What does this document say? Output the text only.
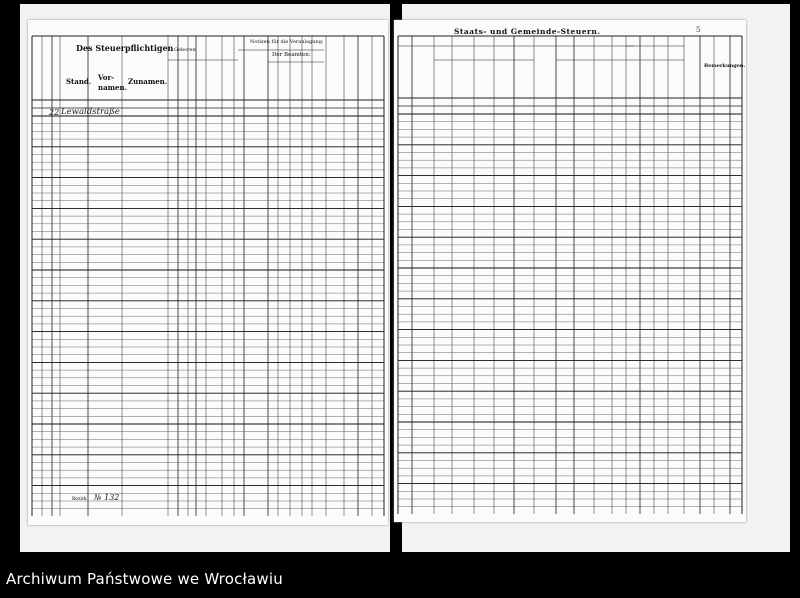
Des Steuerpflichtigen
Stand. Vor-
namen.
Zunamen.
Geboren
Notizen für die Veranlagung:
Der Beamten:
22 Lewaldstraße
Bezirk № 132
Staats- und Gemeinde-Steuern.	5
Bemerkungen.
Archiwum Państwowe we Wrocławiu
